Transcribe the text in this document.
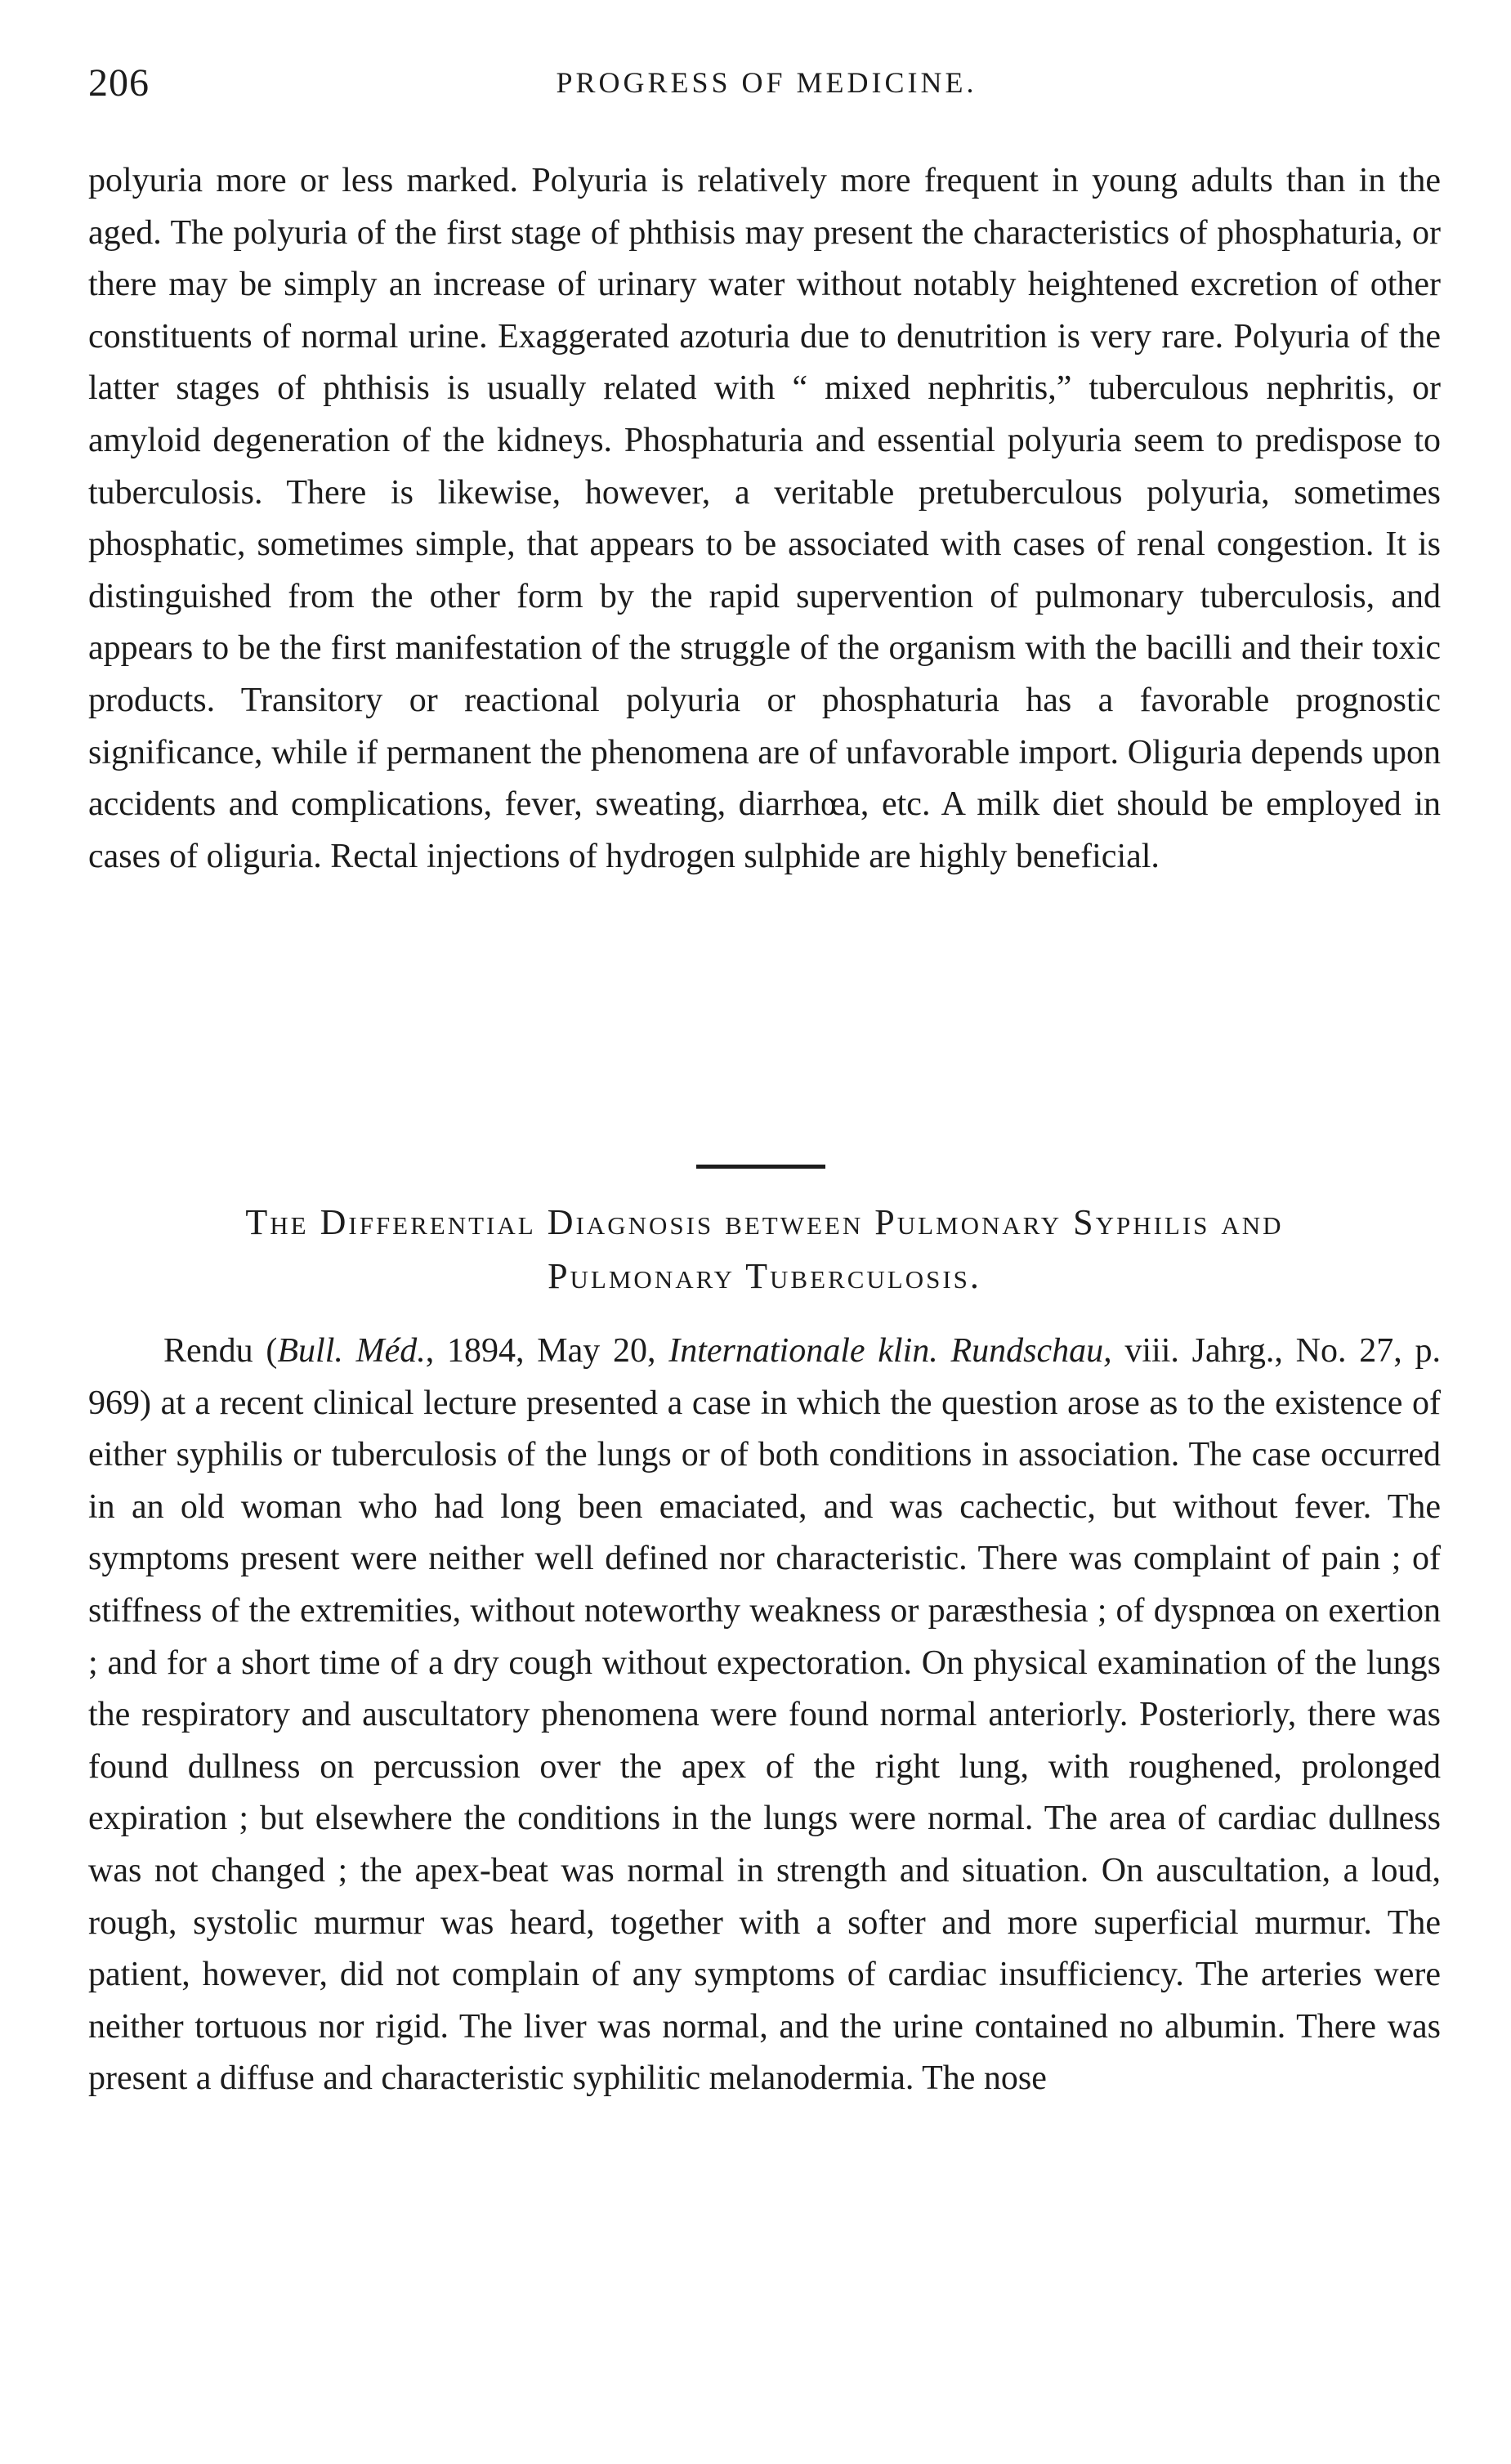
206	PROGRESS OF MEDICINE.

polyuria more or less marked. Polyuria is relatively more frequent in young adults than in the aged. The polyuria of the first stage of phthisis may present the characteristics of phosphaturia, or there may be simply an increase of urinary water without notably heightened excretion of other constituents of normal urine. Exaggerated azoturia due to denutrition is very rare. Polyuria of the latter stages of phthisis is usually related with “ mixed nephritis,” tuberculous nephritis, or amyloid degeneration of the kidneys. Phosphaturia and essential polyuria seem to predispose to tuberculosis. There is likewise, however, a veritable pretuberculous polyuria, sometimes phosphatic, sometimes simple, that appears to be associated with cases of renal congestion. It is distinguished from the other form by the rapid supervention of pulmonary tuberculosis, and appears to be the first manifestation of the struggle of the organism with the bacilli and their toxic products. Transitory or reactional polyuria or phosphaturia has a favorable prognostic significance, while if permanent the phenomena are of unfavorable import. Oliguria depends upon accidents and complications, fever, sweating, diarrhœa, etc. A milk diet should be employed in cases of oliguria. Rectal injections of hydrogen sulphide are highly beneficial.

The Differential Diagnosis between Pulmonary Syphilis and
Pulmonary Tuberculosis.

Rendu (Bull. Méd., 1894, May 20, Internationale klin. Rundschau, viii. Jahrg., No. 27, p. 969) at a recent clinical lecture presented a case in which the question arose as to the existence of either syphilis or tuberculosis of the lungs or of both conditions in association. The case occurred in an old woman who had long been emaciated, and was cachectic, but without fever. The symptoms present were neither well defined nor characteristic. There was complaint of pain ; of stiffness of the extremities, without noteworthy weakness or paræsthesia ; of dyspnœa on exertion ; and for a short time of a dry cough without expectoration. On physical examination of the lungs the respiratory and auscultatory phenomena were found normal anteriorly. Posteriorly, there was found dullness on percussion over the apex of the right lung, with roughened, prolonged expiration ; but elsewhere the conditions in the lungs were normal. The area of cardiac dullness was not changed ; the apex-beat was normal in strength and situation. On auscultation, a loud, rough, systolic murmur was heard, together with a softer and more superficial murmur. The patient, however, did not complain of any symptoms of cardiac insufficiency. The arteries were neither tortuous nor rigid. The liver was normal, and the urine contained no albumin. There was present a diffuse and characteristic syphilitic melanodermia. The nose
